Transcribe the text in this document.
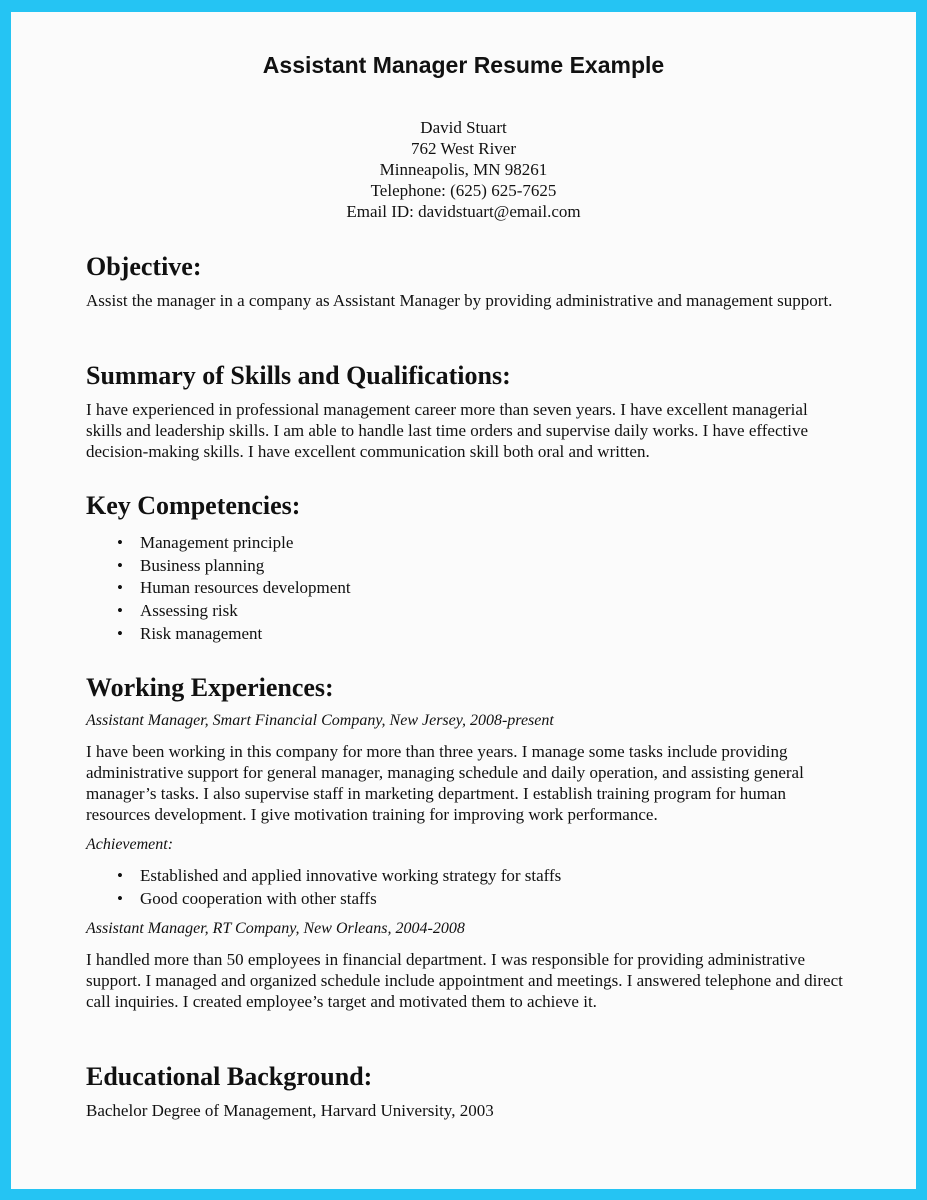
Assistant Manager Resume Example
David Stuart
762 West River
Minneapolis, MN 98261
Telephone: (625) 625-7625
Email ID: davidstuart@email.com
Objective:
Assist the manager in a company as Assistant Manager by providing administrative and management support.
Summary of Skills and Qualifications:
I have experienced in professional management career more than seven years. I have excellent managerial skills and leadership skills. I am able to handle last time orders and supervise daily works. I have effective decision-making skills. I have excellent communication skill both oral and written.
Key Competencies:
• Management principle
• Business planning
• Human resources development
• Assessing risk
• Risk management
Working Experiences:
Assistant Manager, Smart Financial Company, New Jersey, 2008-present
I have been working in this company for more than three years. I manage some tasks include providing administrative support for general manager, managing schedule and daily operation, and assisting general manager’s tasks. I also supervise staff in marketing department. I establish training program for human resources development. I give motivation training for improving work performance.
Achievement:
• Established and applied innovative working strategy for staffs
• Good cooperation with other staffs
Assistant Manager, RT Company, New Orleans, 2004-2008
I handled more than 50 employees in financial department. I was responsible for providing administrative support. I managed and organized schedule include appointment and meetings. I answered telephone and direct call inquiries. I created employee’s target and motivated them to achieve it.
Educational Background:
Bachelor Degree of Management, Harvard University, 2003
